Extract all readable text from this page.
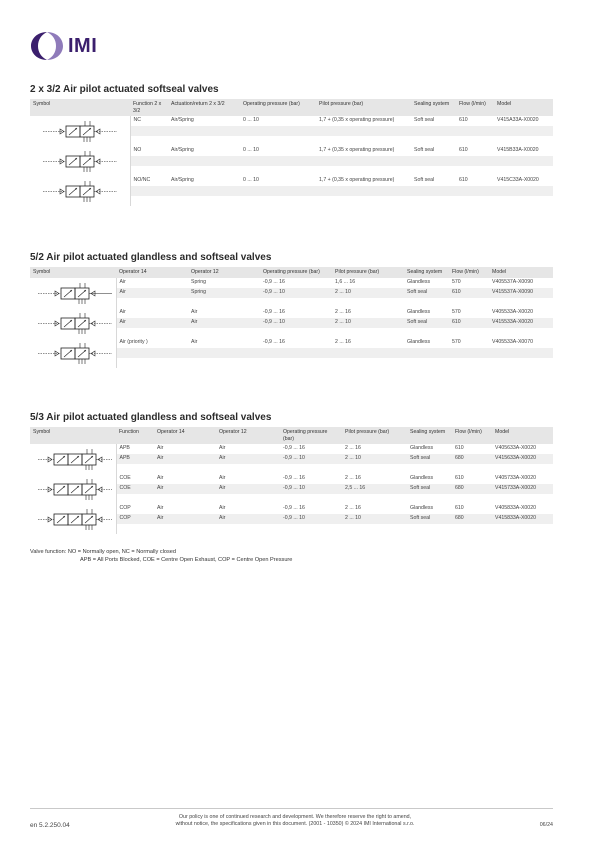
IMI
2 x 3/2 Air pilot actuated softseal valves
Symbol	Function 2 x 3/2	Actuation/return 2 x 3/2	Operating pressure (bar)	Pilot pressure (bar)	Sealing system	Flow (l/min)	Model

	NC	Air/Spring	0 ... 10	1,7 + (0,35 x operating pressure)	Soft seal	610	V415A33A-X0020

	NO	Air/Spring	0 ... 10	1,7 + (0,35 x operating pressure)	Soft seal	610	V415B33A-X0020

	NO/NC	Air/Spring	0 ... 10	1,7 + (0,35 x operating pressure)	Soft seal	610	V415C33A-X0020

5/2 Air pilot actuated glandless and softseal valves
Symbol	Operator 14	Operator 12	Operating pressure (bar)	Pilot pressure (bar)	Sealing system	Flow (l/min)	Model

	Air	Spring	-0,9 ... 16	1,6 ... 16	Glandless	570	V405537A-X0090
	Air	Spring	-0,9 ... 10	2 ... 10	Soft seal	610	V415537A-X0090

	Air	Air	-0,9 ... 16	2 ... 16	Glandless	570	V405533A-X0020
	Air	Air	-0,9 ... 10	2 ... 10	Soft seal	610	V415533A-X0020

	Air (priority )	Air	-0,9 ... 16	2 ... 16	Glandless	570	V405533A-X0070

5/3 Air pilot actuated glandless and softseal valves
Symbol	Function	Operator 14	Operator 12	Operating pressure (bar)	Pilot pressure (bar)	Sealing system	Flow (l/min)	Model

	APB	Air	Air	-0,9 ... 16	2 ... 16	Glandless	610	V405633A-X0020
	APB	Air	Air	-0,9 ... 10	2 ... 10	Soft seal	680	V415633A-X0020

	COE	Air	Air	-0,9 ... 16	2 ... 16	Glandless	610	V405733A-X0020
	COE	Air	Air	-0,9 ... 10	2,5 ... 16	Soft seal	680	V415733A-X0020

	COP	Air	Air	-0,9 ... 16	2 ... 16	Glandless	610	V405833A-X0020
	COP	Air	Air	-0,9 ... 10	2 ... 10	Soft seal	680	V415833A-X0020

Valve function: NO = Normally open, NC = Normally closed
APB = All Ports Blocked, COE = Centre Open Exhaust, COP = Centre Open Pressure
en 5.2.250.04
Our policy is one of continued research and development. We therefore reserve the right to amend,
without notice, the specifications given in this document. (2001 - 10350) © 2024 IMI International s.r.o.	06/24
